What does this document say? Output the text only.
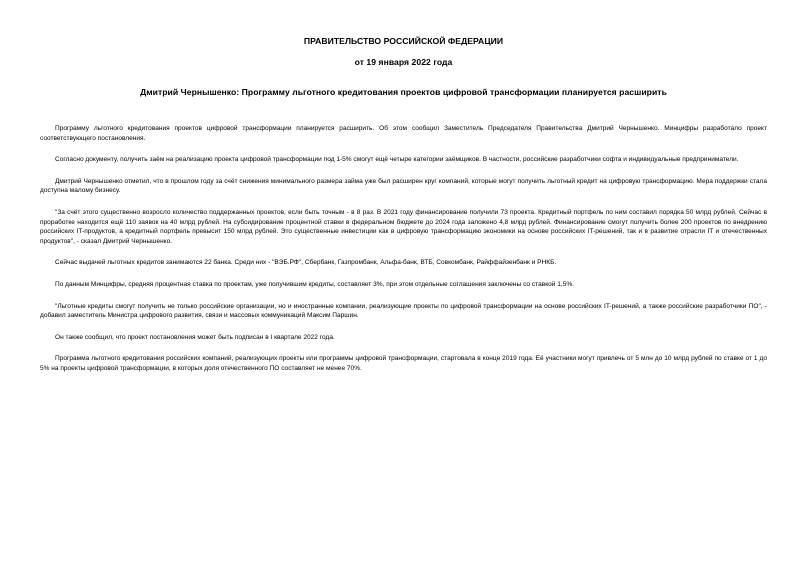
ПРАВИТЕЛЬСТВО РОССИЙСКОЙ ФЕДЕРАЦИИ
от 19 января 2022 года
Дмитрий Чернышенко: Программу льготного кредитования проектов цифровой трансформации планируется расширить

Программу льготного кредитования проектов цифровой трансформации планируется расширить. Об этом сообщил Заместитель Председателя Правительства Дмитрий Чернышенко. Минцифры разработало проект соответствующего постановления.

Согласно документу, получить заём на реализацию проекта цифровой трансформации под 1-5% смогут ещё четыре категории заёмщиков. В частности, российские разработчики софта и индивидуальные предприниматели.

Дмитрий Чернышенко отметил, что в прошлом году за счёт снижения минимального размера займа уже был расширен круг компаний, которые могут получить льготный кредит на цифровую трансформацию. Мера поддержки стала доступна малому бизнесу.

"За счёт этого существенно возросло количество поддержанных проектов, если быть точным - в 8 раз. В 2021 году финансирование получили 73 проекта. Кредитный портфель по ним составил порядка 50 млрд рублей. Сейчас в проработке находится ещё 110 заявок на 40 млрд рублей. На субсидирование процентной ставки в федеральном бюджете до 2024 года заложено 4,8 млрд рублей. Финансирование смогут получить более 200 проектов по внедрению российских IT-продуктов, а кредитный портфель превысит 150 млрд рублей. Это существенные инвестиции как в цифровую трансформацию экономики на основе российских IT-решений, так и в развитие отрасли IT и отечественных продуктов", - сказал Дмитрий Чернышенко.

Сейчас выдачей льготных кредитов занимаются 22 банка. Среди них - "ВЭБ.РФ", Сбербанк, Газпромбанк, Альфа-банк, ВТБ, Совкомбанк, Райффайзенбанк и РНКБ.

По данным Минцифры, средняя процентная ставка по проектам, уже получившим кредиты, составляет 3%, при этом отдельные соглашения заключены со ставкой 1,5%.

"Льготные кредиты смогут получить не только российские организации, но и иностранные компании, реализующие проекты по цифровой трансформации на основе российских IT-решений, а также российские разработчики ПО", - добавил заместитель Министра цифрового развития, связи и массовых коммуникаций Максим Паршин.

Он также сообщил, что проект постановления может быть подписан в I квартале 2022 года.

Программа льготного кредитования российских компаний, реализующих проекты или программы цифровой трансформации, стартовала в конце 2019 года. Её участники могут привлечь от 5 млн до 10 млрд рублей по ставке от 1 до 5% на проекты цифровой трансформации, в которых доля отечественного ПО составляет не менее 70%.
